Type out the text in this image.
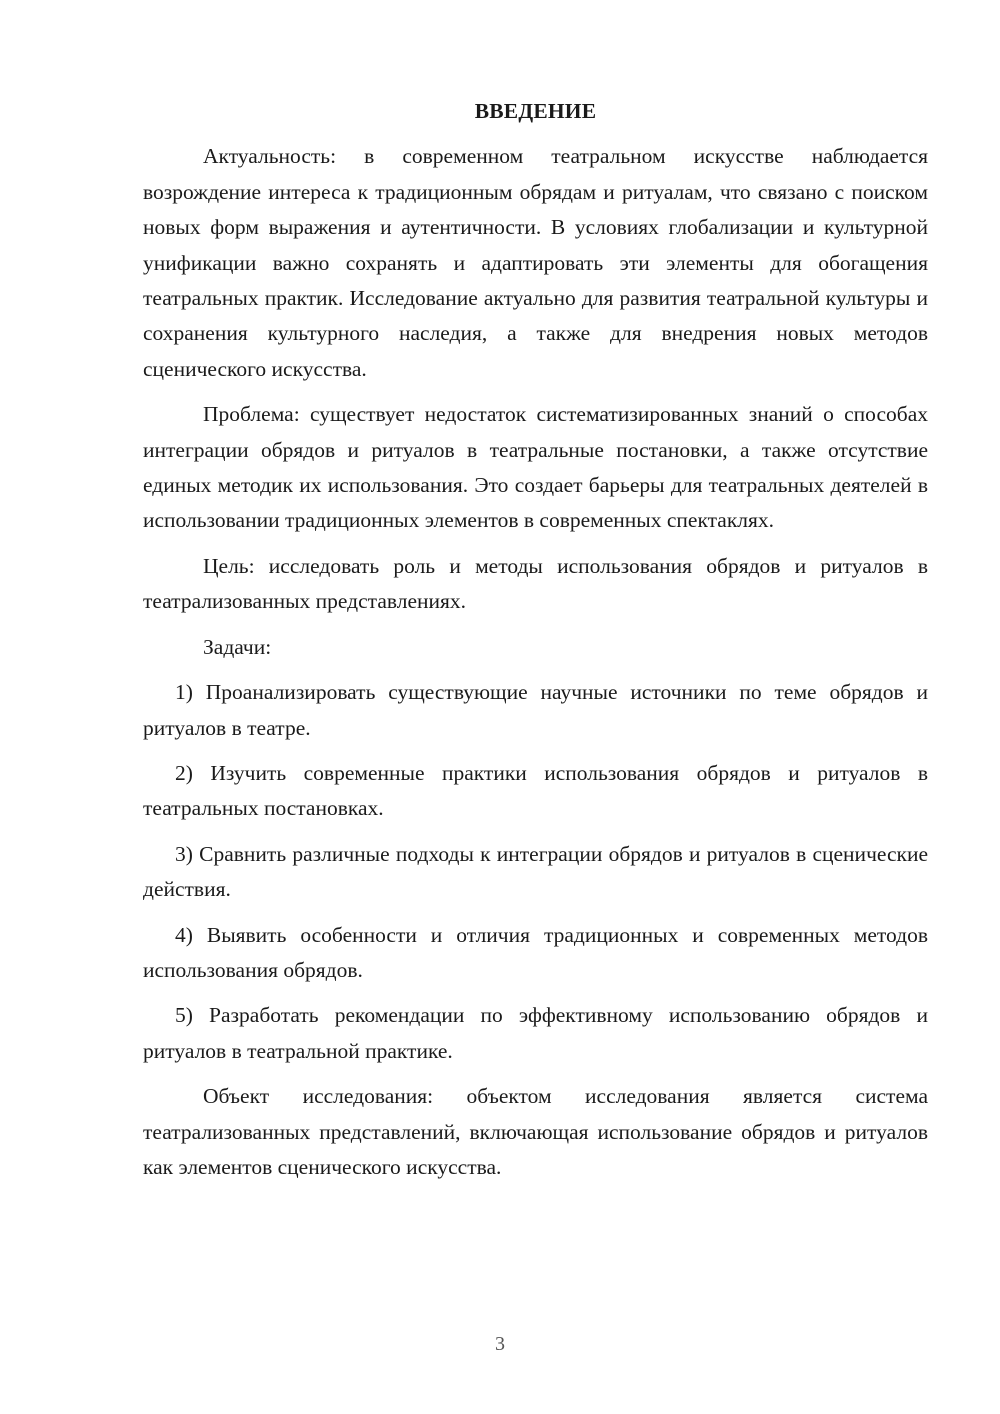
ВВЕДЕНИЕ

Актуальность: в современном театральном искусстве наблюдается возрождение интереса к традиционным обрядам и ритуалам, что связано с поиском новых форм выражения и аутентичности. В условиях глобализации и культурной унификации важно сохранять и адаптировать эти элементы для обогащения театральных практик. Исследование актуально для развития театральной культуры и сохранения культурного наследия, а также для внедрения новых методов сценического искусства.

Проблема: существует недостаток систематизированных знаний о способах интеграции обрядов и ритуалов в театральные постановки, а также отсутствие единых методик их использования. Это создает барьеры для театральных деятелей в использовании традиционных элементов в современных спектаклях.

Цель: исследовать роль и методы использования обрядов и ритуалов в театрализованных представлениях.

Задачи:

1) Проанализировать существующие научные источники по теме обрядов и ритуалов в театре.

2) Изучить современные практики использования обрядов и ритуалов в театральных постановках.

3) Сравнить различные подходы к интеграции обрядов и ритуалов в сценические действия.

4) Выявить особенности и отличия традиционных и современных методов использования обрядов.

5) Разработать рекомендации по эффективному использованию обрядов и ритуалов в театральной практике.

Объект исследования: объектом исследования является система театрализованных представлений, включающая использование обрядов и ритуалов как элементов сценического искусства.

3
